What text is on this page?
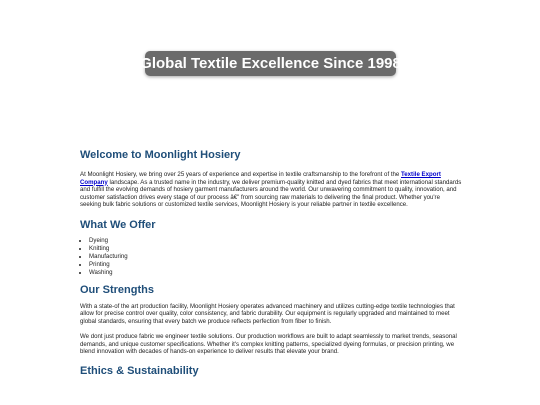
Global Textile Excellence Since 1998
Welcome to Moonlight Hosiery

At Moonlight Hosiery, we bring over 25 years of experience and expertise in textile craftsmanship to the forefront of the Textile Export Company landscape. As a trusted name in the industry, we deliver premium-quality knitted and dyed fabrics that meet international standards and fulfill the evolving demands of hosiery garment manufacturers around the world. Our unwavering commitment to quality, innovation, and customer satisfaction drives every stage of our process â€" from sourcing raw materials to delivering the final product. Whether you're seeking bulk fabric solutions or customized textile services, Moonlight Hosiery is your reliable partner in textile excellence.

What We Offer
• Dyeing
• Knitting
• Manufacturing
• Printing
• Washing
Our Strengths

With a state-of the art production facility, Moonlight Hosiery operates advanced machinery and utilizes cutting-edge textile technologies that allow for precise control over quality, color consistency, and fabric durability. Our equipment is regularly upgraded and maintained to meet global standards, ensuring that every batch we produce reflects perfection from fiber to finish.

We dont just produce fabric we engineer textile solutions. Our production workflows are built to adapt seamlessly to market trends, seasonal demands, and unique customer specifications. Whether it's complex knitting patterns, specialized dyeing formulas, or precision printing, we blend innovation with decades of hands-on experience to deliver results that elevate your brand.

Ethics & Sustainability
